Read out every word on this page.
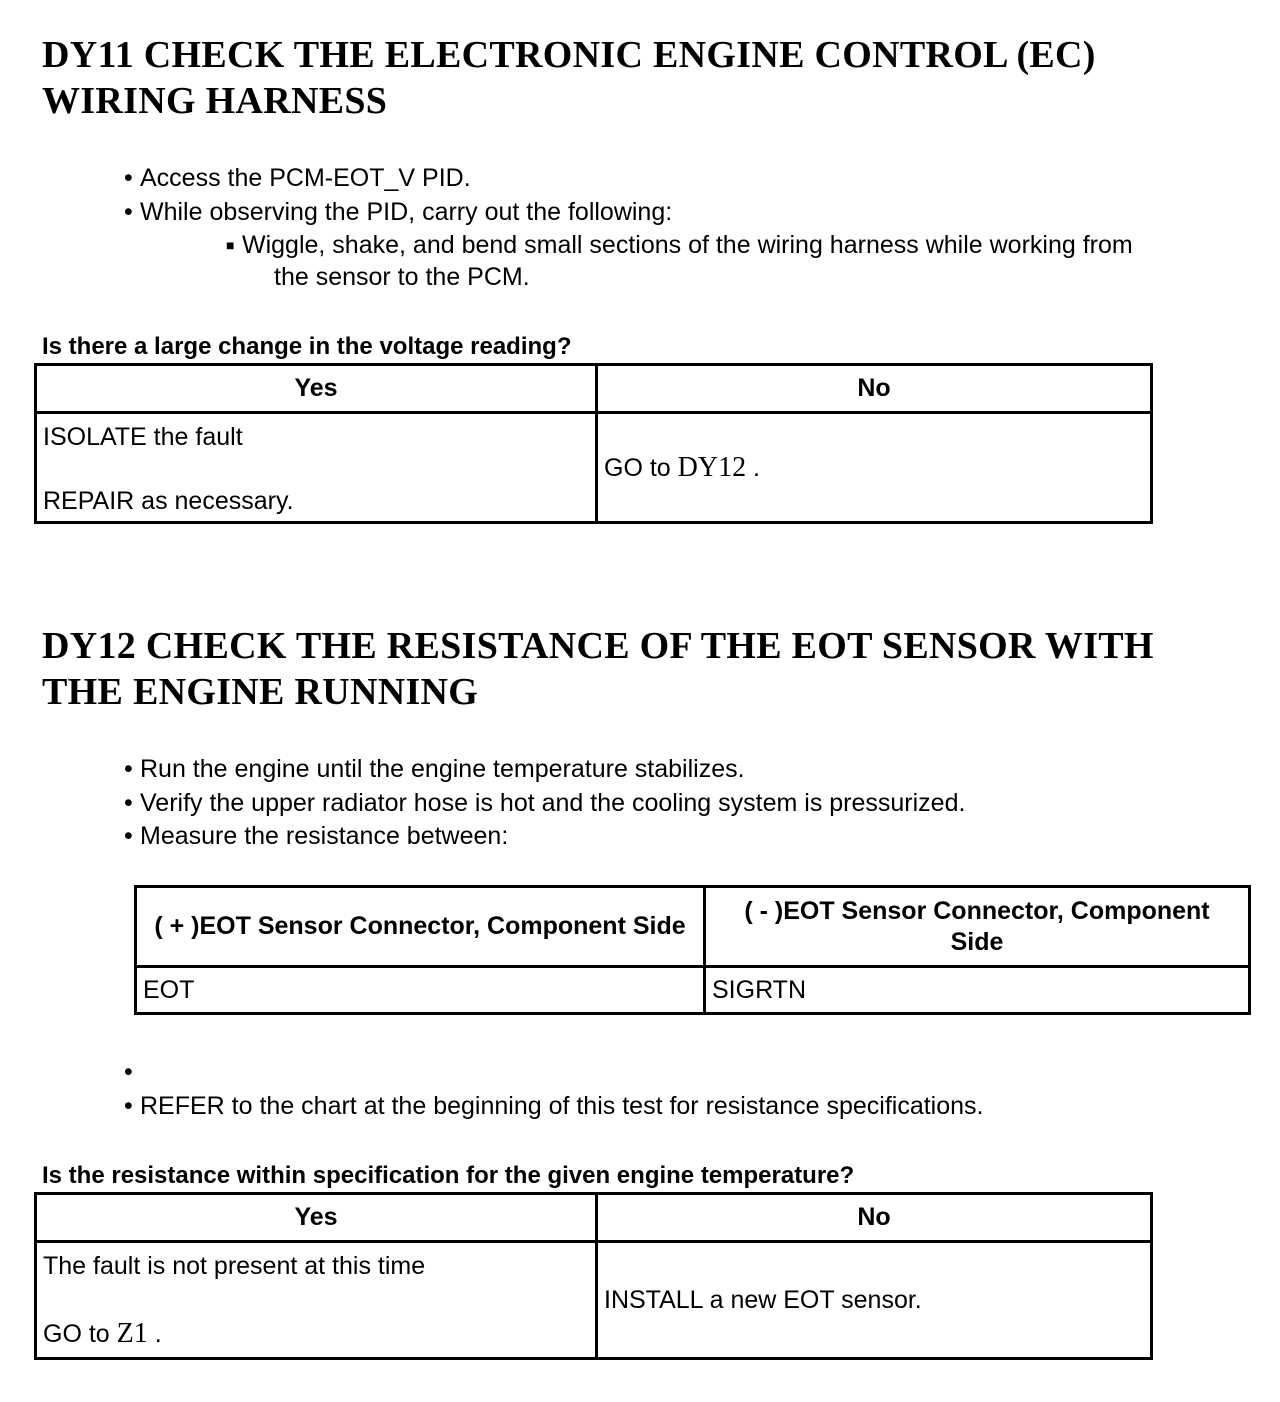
DY11 CHECK THE ELECTRONIC ENGINE CONTROL (EC)
WIRING HARNESS
• Access the PCM-EOT_V PID.
• While observing the PID, carry out the following:
■ Wiggle, shake, and bend small sections of the wiring harness while working from
the sensor to the PCM.
Is there a large change in the voltage reading?
Yes	No

ISOLATE the fault
REPAIR as necessary.	GO to DY12 .
DY12 CHECK THE RESISTANCE OF THE EOT SENSOR WITH
THE ENGINE RUNNING
• Run the engine until the engine temperature stabilizes.
• Verify the upper radiator hose is hot and the cooling system is pressurized.
• Measure the resistance between:
( + )EOT Sensor Connector, Component Side	( - )EOT Sensor Connector, Component Side
EOT	SIGRTN
•
• REFER to the chart at the beginning of this test for resistance specifications.
Is the resistance within specification for the given engine temperature?
Yes	No

The fault is not present at this time
GO to Z1 .	INSTALL a new EOT sensor.
